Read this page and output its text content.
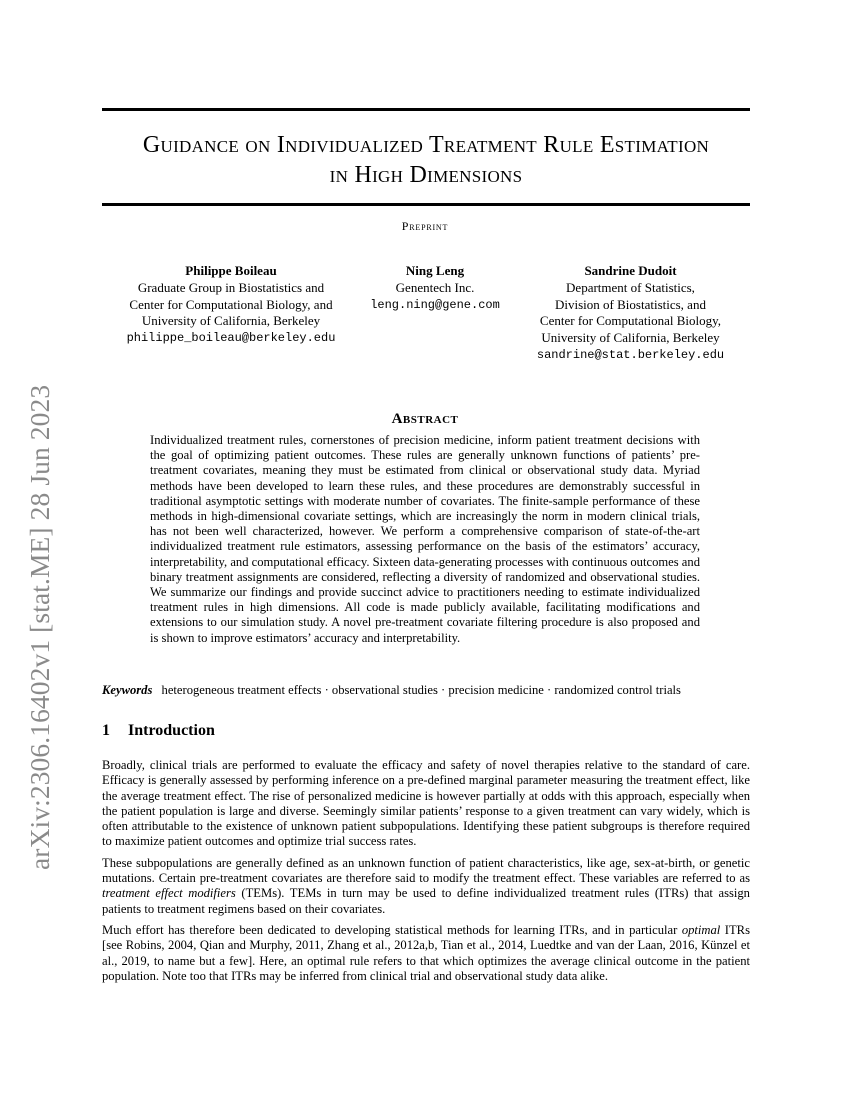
arXiv:2306.16402v1 [stat.ME] 28 Jun 2023
Guidance on Individualized Treatment Rule Estimation
in High Dimensions
Preprint
Philippe Boileau
Graduate Group in Biostatistics and
Center for Computational Biology, and
University of California, Berkeley
philippe_boileau@berkeley.edu
Ning Leng
Genentech Inc.
leng.ning@gene.com
Sandrine Dudoit
Department of Statistics,
Division of Biostatistics, and
Center for Computational Biology,
University of California, Berkeley
sandrine@stat.berkeley.edu
Abstract
Individualized treatment rules, cornerstones of precision medicine, inform patient treatment decisions with the goal of optimizing patient outcomes. These rules are generally unknown functions of patients’ pre-treatment covariates, meaning they must be estimated from clinical or observational study data. Myriad methods have been developed to learn these rules, and these procedures are demonstrably successful in traditional asymptotic settings with moderate number of covariates. The finite-sample performance of these methods in high-dimensional covariate settings, which are increasingly the norm in modern clinical trials, has not been well characterized, however. We perform a comprehensive comparison of state-of-the-art individualized treatment rule estimators, assessing performance on the basis of the estimators’ accuracy, interpretability, and computational efficacy. Sixteen data-generating processes with continuous outcomes and binary treatment assignments are considered, reflecting a diversity of randomized and observational studies. We summarize our findings and provide succinct advice to practitioners needing to estimate individualized treatment rules in high dimensions. All code is made publicly available, facilitating modifications and extensions to our simulation study. A novel pre-treatment covariate filtering procedure is also proposed and is shown to improve estimators’ accuracy and interpretability.
Keywords heterogeneous treatment effects · observational studies · precision medicine · randomized control trials
1 Introduction

Broadly, clinical trials are performed to evaluate the efficacy and safety of novel therapies relative to the standard of care. Efficacy is generally assessed by performing inference on a pre-defined marginal parameter measuring the treatment effect, like the average treatment effect. The rise of personalized medicine is however partially at odds with this approach, especially when the patient population is large and diverse. Seemingly similar patients’ response to a given treatment can vary widely, which is often attributable to the existence of unknown patient subpopulations. Identifying these patient subgroups is therefore required to maximize patient outcomes and optimize trial success rates.

These subpopulations are generally defined as an unknown function of patient characteristics, like age, sex-at-birth, or genetic mutations. Certain pre-treatment covariates are therefore said to modify the treatment effect. These variables are referred to as treatment effect modifiers (TEMs). TEMs in turn may be used to define individualized treatment rules (ITRs) that assign patients to treatment regimens based on their covariates.

Much effort has therefore been dedicated to developing statistical methods for learning ITRs, and in particular optimal ITRs [see Robins, 2004, Qian and Murphy, 2011, Zhang et al., 2012a,b, Tian et al., 2014, Luedtke and van der Laan, 2016, Künzel et al., 2019, to name but a few]. Here, an optimal rule refers to that which optimizes the average clinical outcome in the patient population. Note too that ITRs may be inferred from clinical trial and observational study data alike.
